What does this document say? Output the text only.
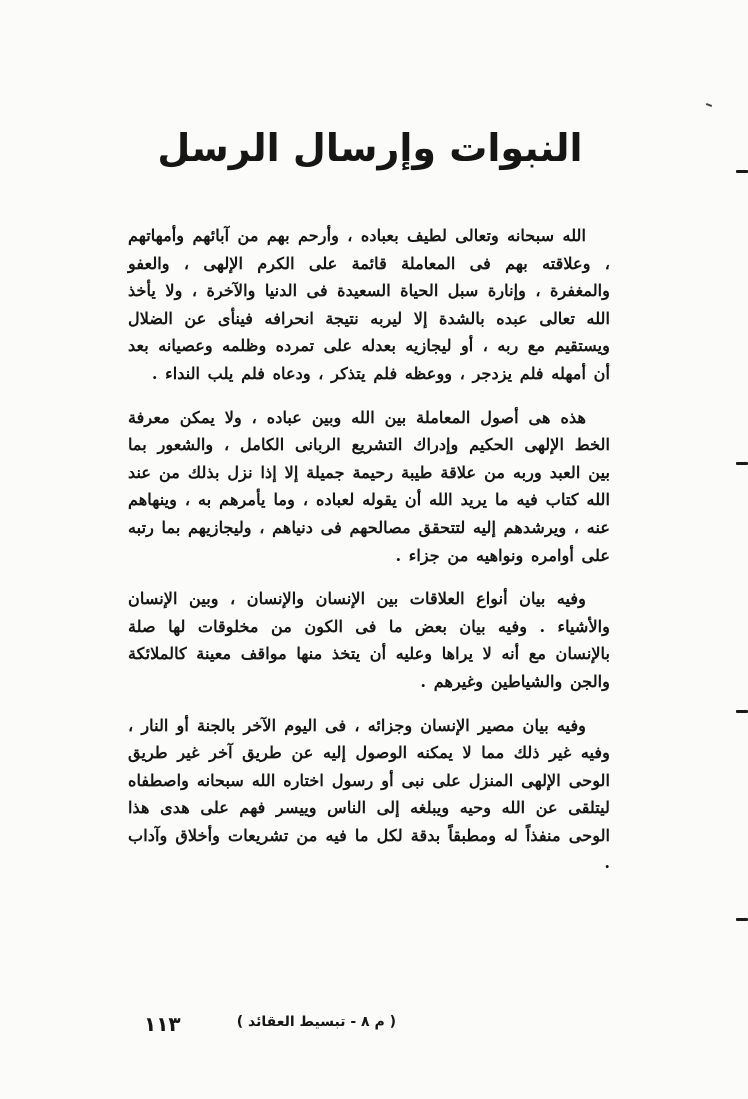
النبوات وإرسال الرسل

الله سبحانه وتعالى لطيف بعباده ، وأرحم بهم من آبائهم وأمهاتهم ، وعلاقته بهم فى المعاملة قائمة على الكرم الإلهى ، والعفو والمغفرة ، وإنارة سبل الحياة السعيدة فى الدنيا والآخرة ، ولا يأخذ الله تعالى عبده بالشدة إلا ليربه نتيجة انحرافه فينأى عن الضلال ويستقيم مع ربه ، أو ليجازيه بعدله على تمرده وظلمه وعصيانه بعد أن أمهله فلم يزدجر ، ووعظه فلم يتذكر ، ودعاه فلم يلب النداء .

هذه هى أصول المعاملة بين الله وبين عباده ، ولا يمكن معرفة الخط الإلهى الحكيم وإدراك التشريع الربانى الكامل ، والشعور بما بين العبد وربه من علاقة طيبة رحيمة جميلة إلا إذا نزل بذلك من عند الله كتاب فيه ما يريد الله أن يقوله لعباده ، وما يأمرهم به ، وينهاهم عنه ، ويرشدهم إليه لتتحقق مصالحهم فى دنياهم ، وليجازيهم بما رتبه على أوامره ونواهيه من جزاء .

وفيه بيان أنواع العلاقات بين الإنسان والإنسان ، وبين الإنسان والأشياء . وفيه بيان بعض ما فى الكون من مخلوقات لها صلة بالإنسان مع أنه لا يراها وعليه أن يتخذ منها مواقف معينة كالملائكة والجن والشياطين وغيرهم .

وفيه بيان مصير الإنسان وجزائه ، فى اليوم الآخر بالجنة أو النار ، وفيه غير ذلك مما لا يمكنه الوصول إليه عن طريق آخر غير طريق الوحى الإلهى المنزل على نبى أو رسول اختاره الله سبحانه واصطفاه ليتلقى عن الله وحيه ويبلغه إلى الناس وييسر فهم على هدى هذا الوحى منفذاً له ومطبقاً بدقة لكل ما فيه من تشريعات وأخلاق وآداب .

( م ٨ - تبسيط العقائد )
١١٣
